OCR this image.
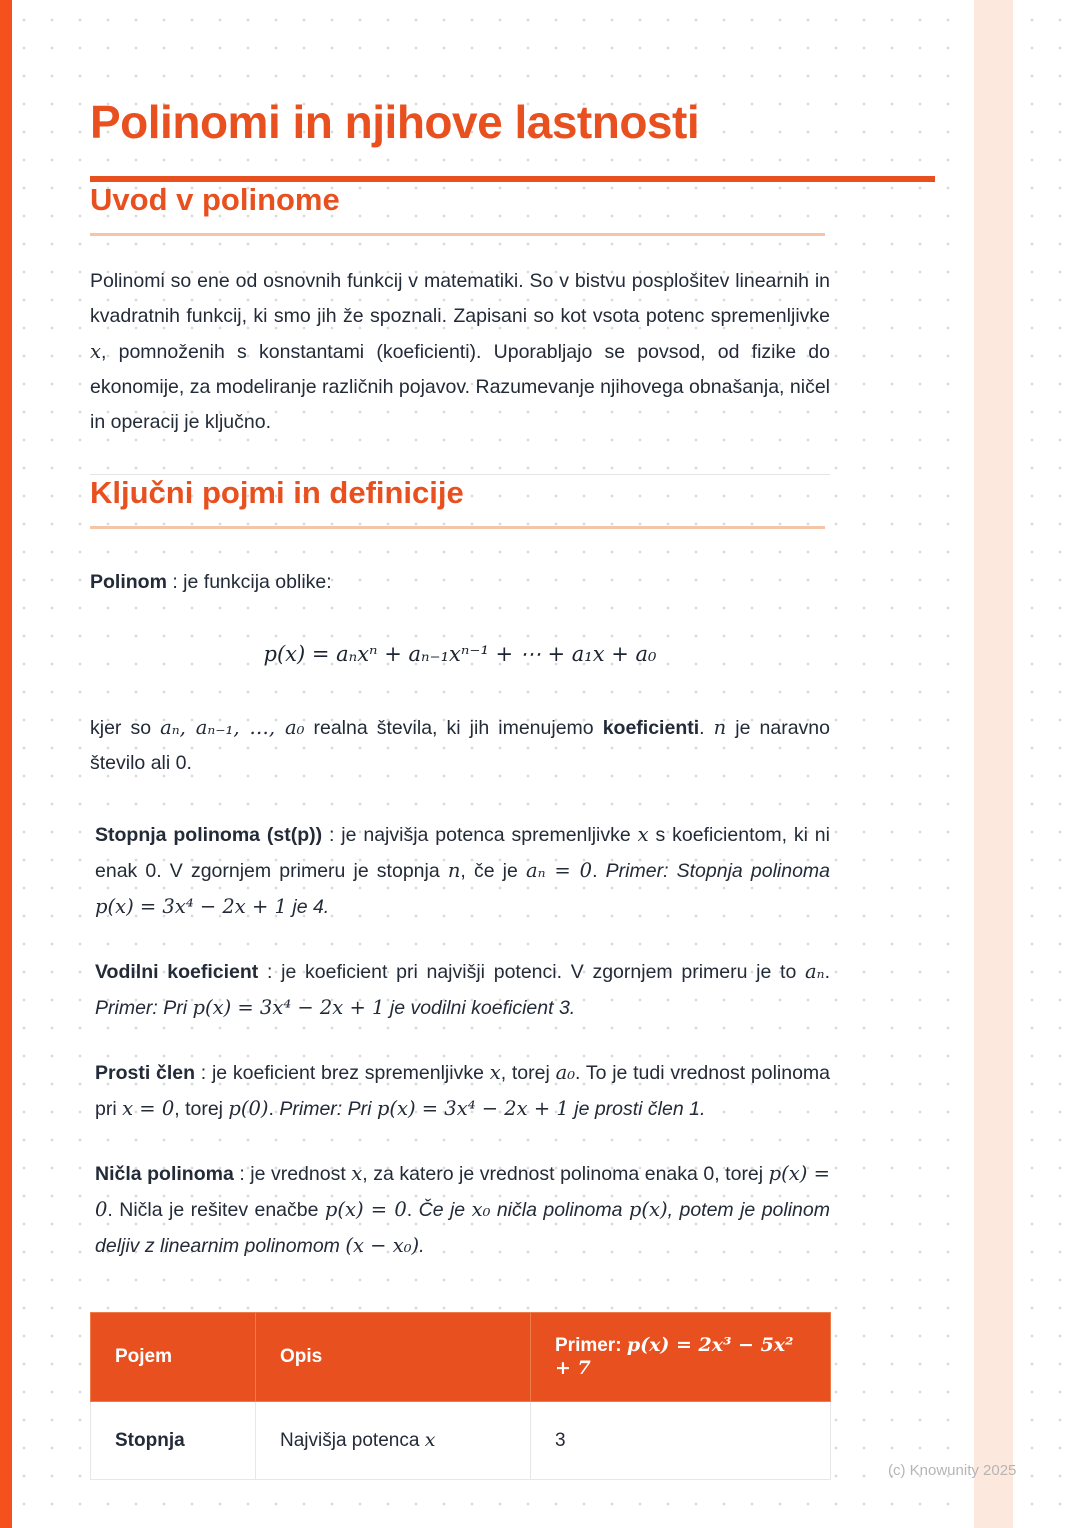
Polinomi in njihove lastnosti
Uvod v polinome

Polinomi so ene od osnovnih funkcij v matematiki. So v bistvu posplošitev linearnih in kvadratnih funkcij, ki smo jih že spoznali. Zapisani so kot vsota potenc spremenljivke x, pomnoženih s konstantami (koeficienti). Uporabljajo se povsod, od fizike do ekonomije, za modeliranje različnih pojavov. Razumevanje njihovega obnašanja, ničel in operacij je ključno.

Ključni pojmi in definicije

Polinom : je funkcija oblike:

p(x) = aₙxⁿ + aₙ₋₁xⁿ⁻¹ + ⋯ + a₁x + a₀

kjer so aₙ, aₙ₋₁, …, a₀ realna števila, ki jih imenujemo koeficienti. n je naravno število ali 0.

Stopnja polinoma (st(p)) : je najvišja potenca spremenljivke x s koeficientom, ki ni enak 0. V zgornjem primeru je stopnja n, če je aₙ = 0. Primer: Stopnja polinoma p(x) = 3x⁴ − 2x + 1 je 4.

Vodilni koeficient : je koeficient pri najvišji potenci. V zgornjem primeru je to aₙ. Primer: Pri p(x) = 3x⁴ − 2x + 1 je vodilni koeficient 3.

Prosti člen : je koeficient brez spremenljivke x, torej a₀. To je tudi vrednost polinoma pri x = 0, torej p(0). Primer: Pri p(x) = 3x⁴ − 2x + 1 je prosti člen 1.

Ničla polinoma : je vrednost x, za katero je vrednost polinoma enaka 0, torej p(x) = 0. Ničla je rešitev enačbe p(x) = 0. Če je x₀ ničla polinoma p(x), potem je polinom deljiv z linearnim polinomom (x − x₀).

Pojem	Opis	Primer: p(x) = 2x³ − 5x² + 7
Stopnja	Najvišja potenca x	3
(c) Knowunity 2025
